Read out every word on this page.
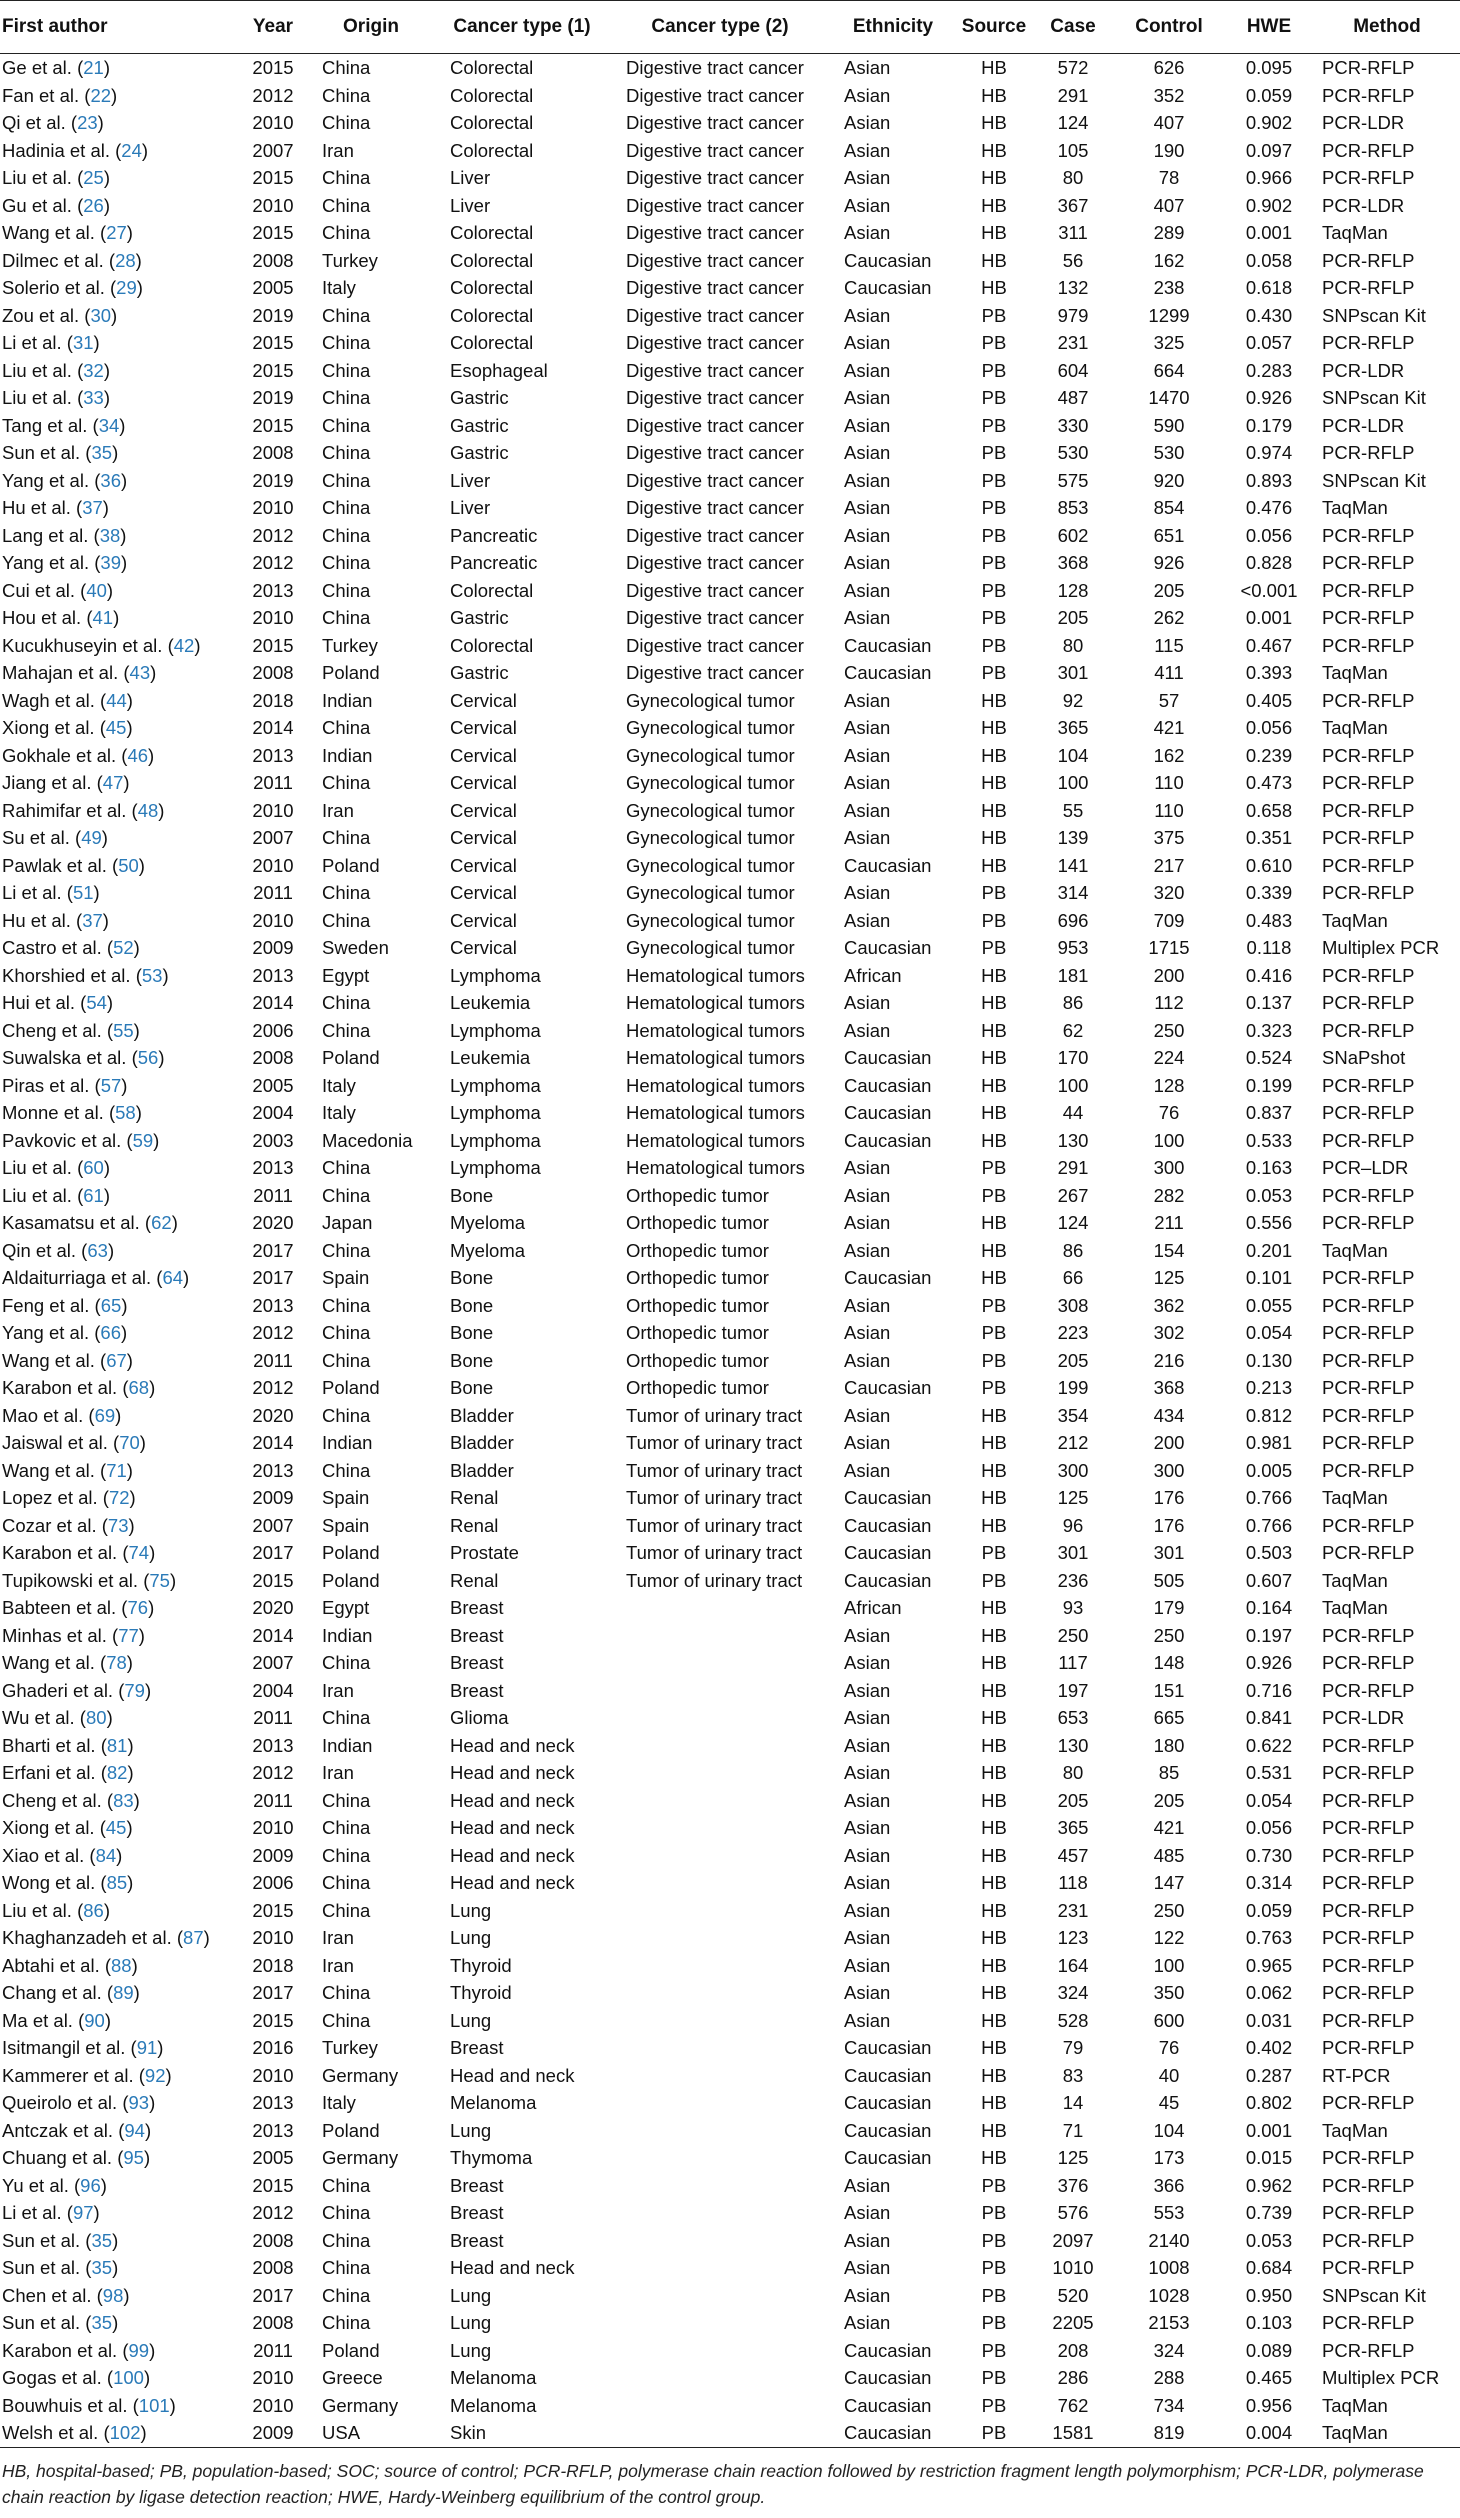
First author	Year	Origin	Cancer type (1)	Cancer type (2)	Ethnicity	Source	Case	Control	HWE	Method
Ge et al. (21)	2015	China	Colorectal	Digestive tract cancer	Asian	HB	572	626	0.095	PCR-RFLP
Fan et al. (22)	2012	China	Colorectal	Digestive tract cancer	Asian	HB	291	352	0.059	PCR-RFLP
Qi et al. (23)	2010	China	Colorectal	Digestive tract cancer	Asian	HB	124	407	0.902	PCR-LDR
Hadinia et al. (24)	2007	Iran	Colorectal	Digestive tract cancer	Asian	HB	105	190	0.097	PCR-RFLP
Liu et al. (25)	2015	China	Liver	Digestive tract cancer	Asian	HB	80	78	0.966	PCR-RFLP
Gu et al. (26)	2010	China	Liver	Digestive tract cancer	Asian	HB	367	407	0.902	PCR-LDR
Wang et al. (27)	2015	China	Colorectal	Digestive tract cancer	Asian	HB	311	289	0.001	TaqMan
Dilmec et al. (28)	2008	Turkey	Colorectal	Digestive tract cancer	Caucasian	HB	56	162	0.058	PCR-RFLP
Solerio et al. (29)	2005	Italy	Colorectal	Digestive tract cancer	Caucasian	HB	132	238	0.618	PCR-RFLP
Zou et al. (30)	2019	China	Colorectal	Digestive tract cancer	Asian	PB	979	1299	0.430	SNPscan Kit
Li et al. (31)	2015	China	Colorectal	Digestive tract cancer	Asian	PB	231	325	0.057	PCR-RFLP
Liu et al. (32)	2015	China	Esophageal	Digestive tract cancer	Asian	PB	604	664	0.283	PCR-LDR
Liu et al. (33)	2019	China	Gastric	Digestive tract cancer	Asian	PB	487	1470	0.926	SNPscan Kit
Tang et al. (34)	2015	China	Gastric	Digestive tract cancer	Asian	PB	330	590	0.179	PCR-LDR
Sun et al. (35)	2008	China	Gastric	Digestive tract cancer	Asian	PB	530	530	0.974	PCR-RFLP
Yang et al. (36)	2019	China	Liver	Digestive tract cancer	Asian	PB	575	920	0.893	SNPscan Kit
Hu et al. (37)	2010	China	Liver	Digestive tract cancer	Asian	PB	853	854	0.476	TaqMan
Lang et al. (38)	2012	China	Pancreatic	Digestive tract cancer	Asian	PB	602	651	0.056	PCR-RFLP
Yang et al. (39)	2012	China	Pancreatic	Digestive tract cancer	Asian	PB	368	926	0.828	PCR-RFLP
Cui et al. (40)	2013	China	Colorectal	Digestive tract cancer	Asian	PB	128	205	<0.001	PCR-RFLP
Hou et al. (41)	2010	China	Gastric	Digestive tract cancer	Asian	PB	205	262	0.001	PCR-RFLP
Kucukhuseyin et al. (42)	2015	Turkey	Colorectal	Digestive tract cancer	Caucasian	PB	80	115	0.467	PCR-RFLP
Mahajan et al. (43)	2008	Poland	Gastric	Digestive tract cancer	Caucasian	PB	301	411	0.393	TaqMan
Wagh et al. (44)	2018	Indian	Cervical	Gynecological tumor	Asian	HB	92	57	0.405	PCR-RFLP
Xiong et al. (45)	2014	China	Cervical	Gynecological tumor	Asian	HB	365	421	0.056	TaqMan
Gokhale et al. (46)	2013	Indian	Cervical	Gynecological tumor	Asian	HB	104	162	0.239	PCR-RFLP
Jiang et al. (47)	2011	China	Cervical	Gynecological tumor	Asian	HB	100	110	0.473	PCR-RFLP
Rahimifar et al. (48)	2010	Iran	Cervical	Gynecological tumor	Asian	HB	55	110	0.658	PCR-RFLP
Su et al. (49)	2007	China	Cervical	Gynecological tumor	Asian	HB	139	375	0.351	PCR-RFLP
Pawlak et al. (50)	2010	Poland	Cervical	Gynecological tumor	Caucasian	HB	141	217	0.610	PCR-RFLP
Li et al. (51)	2011	China	Cervical	Gynecological tumor	Asian	PB	314	320	0.339	PCR-RFLP
Hu et al. (37)	2010	China	Cervical	Gynecological tumor	Asian	PB	696	709	0.483	TaqMan
Castro et al. (52)	2009	Sweden	Cervical	Gynecological tumor	Caucasian	PB	953	1715	0.118	Multiplex PCR
Khorshied et al. (53)	2013	Egypt	Lymphoma	Hematological tumors	African	HB	181	200	0.416	PCR-RFLP
Hui et al. (54)	2014	China	Leukemia	Hematological tumors	Asian	HB	86	112	0.137	PCR-RFLP
Cheng et al. (55)	2006	China	Lymphoma	Hematological tumors	Asian	HB	62	250	0.323	PCR-RFLP
Suwalska et al. (56)	2008	Poland	Leukemia	Hematological tumors	Caucasian	HB	170	224	0.524	SNaPshot
Piras et al. (57)	2005	Italy	Lymphoma	Hematological tumors	Caucasian	HB	100	128	0.199	PCR-RFLP
Monne et al. (58)	2004	Italy	Lymphoma	Hematological tumors	Caucasian	HB	44	76	0.837	PCR-RFLP
Pavkovic et al. (59)	2003	Macedonia	Lymphoma	Hematological tumors	Caucasian	HB	130	100	0.533	PCR-RFLP
Liu et al. (60)	2013	China	Lymphoma	Hematological tumors	Asian	PB	291	300	0.163	PCR–LDR
Liu et al. (61)	2011	China	Bone	Orthopedic tumor	Asian	PB	267	282	0.053	PCR-RFLP
Kasamatsu et al. (62)	2020	Japan	Myeloma	Orthopedic tumor	Asian	HB	124	211	0.556	PCR-RFLP
Qin et al. (63)	2017	China	Myeloma	Orthopedic tumor	Asian	HB	86	154	0.201	TaqMan
Aldaiturriaga et al. (64)	2017	Spain	Bone	Orthopedic tumor	Caucasian	HB	66	125	0.101	PCR-RFLP
Feng et al. (65)	2013	China	Bone	Orthopedic tumor	Asian	PB	308	362	0.055	PCR-RFLP
Yang et al. (66)	2012	China	Bone	Orthopedic tumor	Asian	PB	223	302	0.054	PCR-RFLP
Wang et al. (67)	2011	China	Bone	Orthopedic tumor	Asian	PB	205	216	0.130	PCR-RFLP
Karabon et al. (68)	2012	Poland	Bone	Orthopedic tumor	Caucasian	PB	199	368	0.213	PCR-RFLP
Mao et al. (69)	2020	China	Bladder	Tumor of urinary tract	Asian	HB	354	434	0.812	PCR-RFLP
Jaiswal et al. (70)	2014	Indian	Bladder	Tumor of urinary tract	Asian	HB	212	200	0.981	PCR-RFLP
Wang et al. (71)	2013	China	Bladder	Tumor of urinary tract	Asian	HB	300	300	0.005	PCR-RFLP
Lopez et al. (72)	2009	Spain	Renal	Tumor of urinary tract	Caucasian	HB	125	176	0.766	TaqMan
Cozar et al. (73)	2007	Spain	Renal	Tumor of urinary tract	Caucasian	HB	96	176	0.766	PCR-RFLP
Karabon et al. (74)	2017	Poland	Prostate	Tumor of urinary tract	Caucasian	PB	301	301	0.503	PCR-RFLP
Tupikowski et al. (75)	2015	Poland	Renal	Tumor of urinary tract	Caucasian	PB	236	505	0.607	TaqMan
Babteen et al. (76)	2020	Egypt	Breast		African	HB	93	179	0.164	TaqMan
Minhas et al. (77)	2014	Indian	Breast		Asian	HB	250	250	0.197	PCR-RFLP
Wang et al. (78)	2007	China	Breast		Asian	HB	117	148	0.926	PCR-RFLP
Ghaderi et al. (79)	2004	Iran	Breast		Asian	HB	197	151	0.716	PCR-RFLP
Wu et al. (80)	2011	China	Glioma		Asian	HB	653	665	0.841	PCR-LDR
Bharti et al. (81)	2013	Indian	Head and neck		Asian	HB	130	180	0.622	PCR-RFLP
Erfani et al. (82)	2012	Iran	Head and neck		Asian	HB	80	85	0.531	PCR-RFLP
Cheng et al. (83)	2011	China	Head and neck		Asian	HB	205	205	0.054	PCR-RFLP
Xiong et al. (45)	2010	China	Head and neck		Asian	HB	365	421	0.056	PCR-RFLP
Xiao et al. (84)	2009	China	Head and neck		Asian	HB	457	485	0.730	PCR-RFLP
Wong et al. (85)	2006	China	Head and neck		Asian	HB	118	147	0.314	PCR-RFLP
Liu et al. (86)	2015	China	Lung		Asian	HB	231	250	0.059	PCR-RFLP
Khaghanzadeh et al. (87)	2010	Iran	Lung		Asian	HB	123	122	0.763	PCR-RFLP
Abtahi et al. (88)	2018	Iran	Thyroid		Asian	HB	164	100	0.965	PCR-RFLP
Chang et al. (89)	2017	China	Thyroid		Asian	HB	324	350	0.062	PCR-RFLP
Ma et al. (90)	2015	China	Lung		Asian	HB	528	600	0.031	PCR-RFLP
Isitmangil et al. (91)	2016	Turkey	Breast		Caucasian	HB	79	76	0.402	PCR-RFLP
Kammerer et al. (92)	2010	Germany	Head and neck		Caucasian	HB	83	40	0.287	RT-PCR
Queirolo et al. (93)	2013	Italy	Melanoma		Caucasian	HB	14	45	0.802	PCR-RFLP
Antczak et al. (94)	2013	Poland	Lung		Caucasian	HB	71	104	0.001	TaqMan
Chuang et al. (95)	2005	Germany	Thymoma		Caucasian	HB	125	173	0.015	PCR-RFLP
Yu et al. (96)	2015	China	Breast		Asian	PB	376	366	0.962	PCR-RFLP
Li et al. (97)	2012	China	Breast		Asian	PB	576	553	0.739	PCR-RFLP
Sun et al. (35)	2008	China	Breast		Asian	PB	2097	2140	0.053	PCR-RFLP
Sun et al. (35)	2008	China	Head and neck		Asian	PB	1010	1008	0.684	PCR-RFLP
Chen et al. (98)	2017	China	Lung		Asian	PB	520	1028	0.950	SNPscan Kit
Sun et al. (35)	2008	China	Lung		Asian	PB	2205	2153	0.103	PCR-RFLP
Karabon et al. (99)	2011	Poland	Lung		Caucasian	PB	208	324	0.089	PCR-RFLP
Gogas et al. (100)	2010	Greece	Melanoma		Caucasian	PB	286	288	0.465	Multiplex PCR
Bouwhuis et al. (101)	2010	Germany	Melanoma		Caucasian	PB	762	734	0.956	TaqMan
Welsh et al. (102)	2009	USA	Skin		Caucasian	PB	1581	819	0.004	TaqMan
HB, hospital-based; PB, population-based; SOC; source of control; PCR-RFLP, polymerase chain reaction followed by restriction fragment length polymorphism; PCR-LDR, polymerase chain reaction by ligase detection reaction; HWE, Hardy-Weinberg equilibrium of the control group.
